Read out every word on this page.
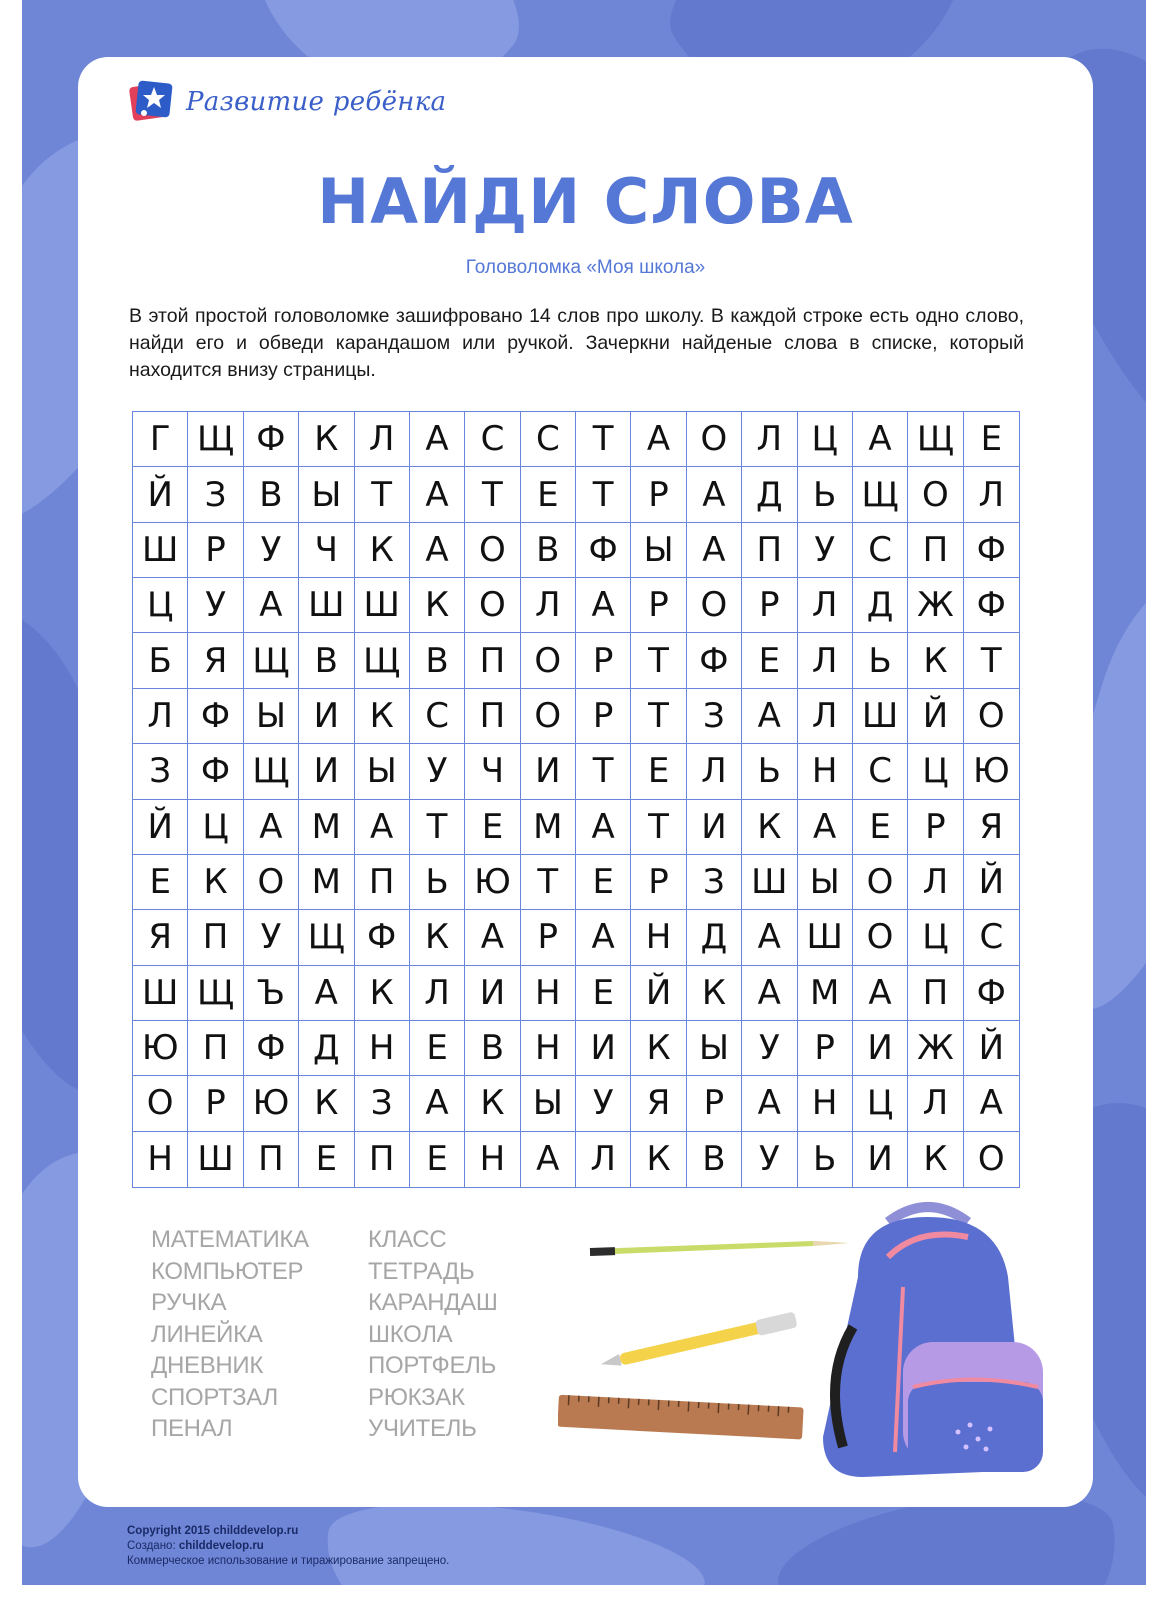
Развитие ребёнка
НАЙДИ СЛОВА
Головоломка «Моя школа»
В этой простой головоломке зашифровано 14 слов про школу. В каждой строке есть одно слово, найди его и обведи карандашом или ручкой. Зачеркни найденые слова в списке, который находится внизу страницы.
Г Щ Ф К Л А С С Т А О Л Ц А Щ Е
Й З В Ы Т А Т	Е	Т	Р А Д Ь Щ О Л
Ш Р	У Ч К А О В Ф Ы А П У С П Ф
Ц У А Ш Ш К О Л А Р О Р Л Д Ж Ф
Б Я Щ В Щ В П О Р	Т Ф Е Л Ь К Т
Л Ф Ы И К С П О Р	Т	З А Л Ш Й О
З Ф Щ И Ы У Ч И Т	Е Л Ь Н С Ц Ю
Й Ц А М А Т	Е М А Т И К А Е	Р Я
Е К О М П Ь Ю Т	Е	Р	З Ш Ы О Л Й
Я П У Щ Ф К А Р А Н Д А Ш О Ц С
Ш Щ Ъ А К Л И Н Е Й К А М А П Ф
Ю П Ф Д Н Е В Н И К Ы У	Р И Ж Й
О Р Ю К З А К Ы У Я Р А Н Ц Л А
Н Ш П Е П Е Н А Л К В У Ь И К О
МАТЕМАТИКА
КОМПЬЮТЕР
РУЧКА
ЛИНЕЙКА
ДНЕВНИК
СПОРТЗАЛ
ПЕНАЛ
КЛАСС
ТЕТРАДЬ
КАРАНДАШ
ШКОЛА
ПОРТФЕЛЬ
РЮКЗАК
УЧИТЕЛЬ
Copyright 2015 childdevelop.ru
Создано: childdevelop.ru
Коммерческое использование и тиражирование запрещено.
